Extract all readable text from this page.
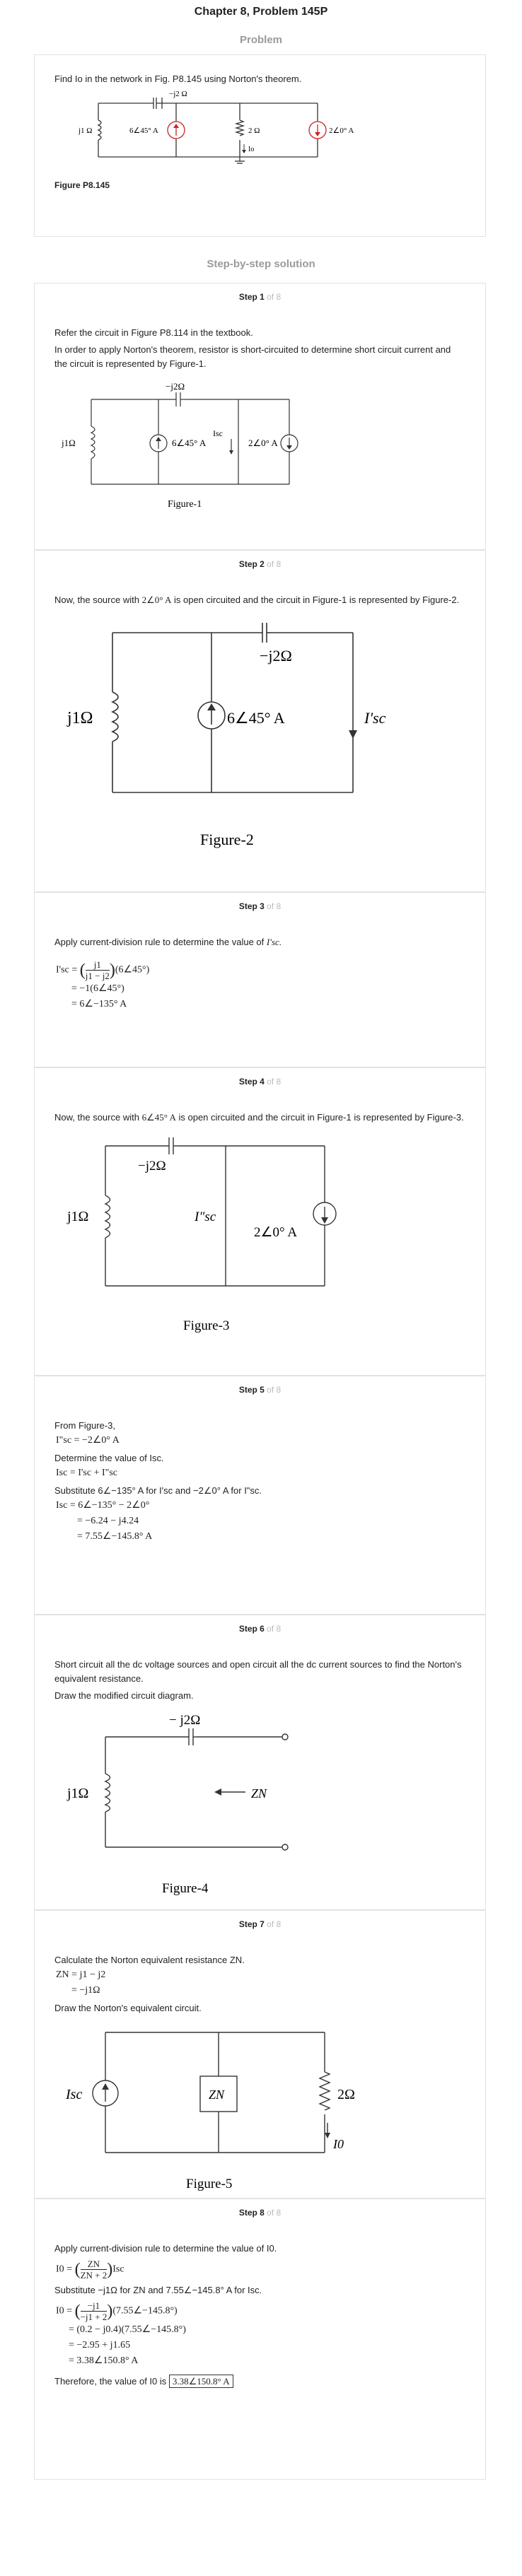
Chapter 8, Problem 145P
Problem
Find Io in the network in Fig. P8.145 using Norton's theorem.
j1 Ω	6∠45° A
−j2 Ω
2 Ω
Io
2∠0° A
Figure P8.145
Step-by-step solution
Step 1 of 8
Refer the circuit in Figure P8.114 in the textbook.
In order to apply Norton's theorem, resistor is short-circuited to determine short circuit current and the circuit is represented by Figure-1.
j1Ω
−j2Ω
6∠45° A
Isc
2∠0° A
Figure-1
Step 2 of 8
Now, the source with 2∠0° A is open circuited and the circuit in Figure-1 is represented by Figure-2.
−j2Ω
j1Ω	6∠45° A	I'sc
Figure-2
Step 3 of 8
Apply current-division rule to determine the value of I'sc.
I'sc = ( $\frac{j1}{j1 - j2}$ )(6∠45°)
= −1(6∠45°)
= 6∠−135° A
Step 4 of 8
Now, the source with 6∠45° A is open circuited and the circuit in Figure-1 is represented by Figure-3.
−j2Ω
j1Ω	I"sc
2∠0° A
Figure-3
Step 5 of 8
From Figure-3,
I"sc = −2∠0° A
Determine the value of Isc.
Isc = I'sc + I"sc
Substitute 6∠−135° A for I'sc and −2∠0° A for I"sc.
Isc = 6∠−135° − 2∠0°
= −6.24 − j4.24
= 7.55∠−145.8° A
Step 6 of 8
Short circuit all the dc voltage sources and open circuit all the dc current sources to find the Norton's equivalent resistance.
Draw the modified circuit diagram.
− j2Ω
j1Ω	ZN
Figure-4
Step 7 of 8
Calculate the Norton equivalent resistance ZN.
ZN = j1 − j2
= −j1Ω
Draw the Norton's equivalent circuit.
Isc	ZN	2Ω
I0
Figure-5
Step 8 of 8
Apply current-division rule to determine the value of I0.
I0 = ( $\frac{ZN}{ZN + 2} )Isc$
Substitute −j1Ω for ZN and 7.55∠−145.8° A for Isc.
I0 = ( $\frac{-j1}{-j1 + 2}$ )(7.55∠−145.8°)
= (0.2 − j0.4)(7.55∠−145.8°)
= −2.95 + j1.65
= 3.38∠150.8° A
Therefore, the value of I0 is 3.38∠150.8° A
